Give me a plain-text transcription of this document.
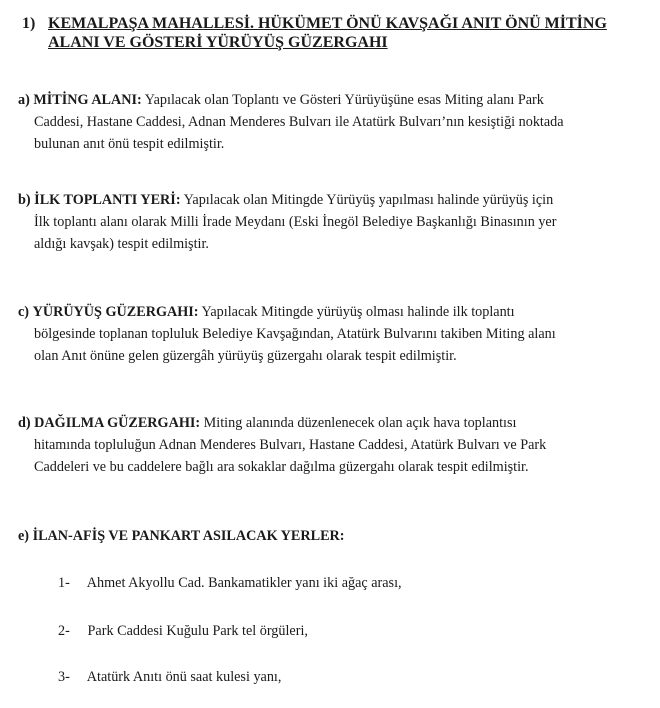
1) KEMALPAŞA MAHALLESİ. HÜKÜMET ÖNÜ KAVŞAĞI ANIT ÖNÜ MİTİNG
ALANI VE GÖSTERİ YÜRÜYÜŞ GÜZERGAHI
a) MİTİNG ALANI: Yapılacak olan Toplantı ve Gösteri Yürüyüşüne esas Miting alanı Park
Caddesi, Hastane Caddesi, Adnan Menderes Bulvarı ile Atatürk Bulvarı’nın kesiştiği noktada
bulunan anıt önü tespit edilmiştir.
b) İLK TOPLANTI YERİ: Yapılacak olan Mitingde Yürüyüş yapılması halinde yürüyüş için
İlk toplantı alanı olarak Milli İrade Meydanı (Eski İnegöl Belediye Başkanlığı Binasının yer
aldığı kavşak) tespit edilmiştir.
c) YÜRÜYÜŞ GÜZERGAHI: Yapılacak Mitingde yürüyüş olması halinde ilk toplantı
bölgesinde toplanan topluluk Belediye Kavşağından, Atatürk Bulvarını takiben Miting alanı
olan Anıt önüne gelen güzergâh yürüyüş güzergahı olarak tespit edilmiştir.
d) DAĞILMA GÜZERGAHI: Miting alanında düzenlenecek olan açık hava toplantısı
hitamında topluluğun Adnan Menderes Bulvarı, Hastane Caddesi, Atatürk Bulvarı ve Park
Caddeleri ve bu caddelere bağlı ara sokaklar dağılma güzergahı olarak tespit edilmiştir.
e) İLAN-AFİŞ VE PANKART ASILACAK YERLER:
1- Ahmet Akyollu Cad. Bankamatikler yanı iki ağaç arası,
2- Park Caddesi Kuğulu Park tel örgüleri,
3- Atatürk Anıtı önü saat kulesi yanı,
